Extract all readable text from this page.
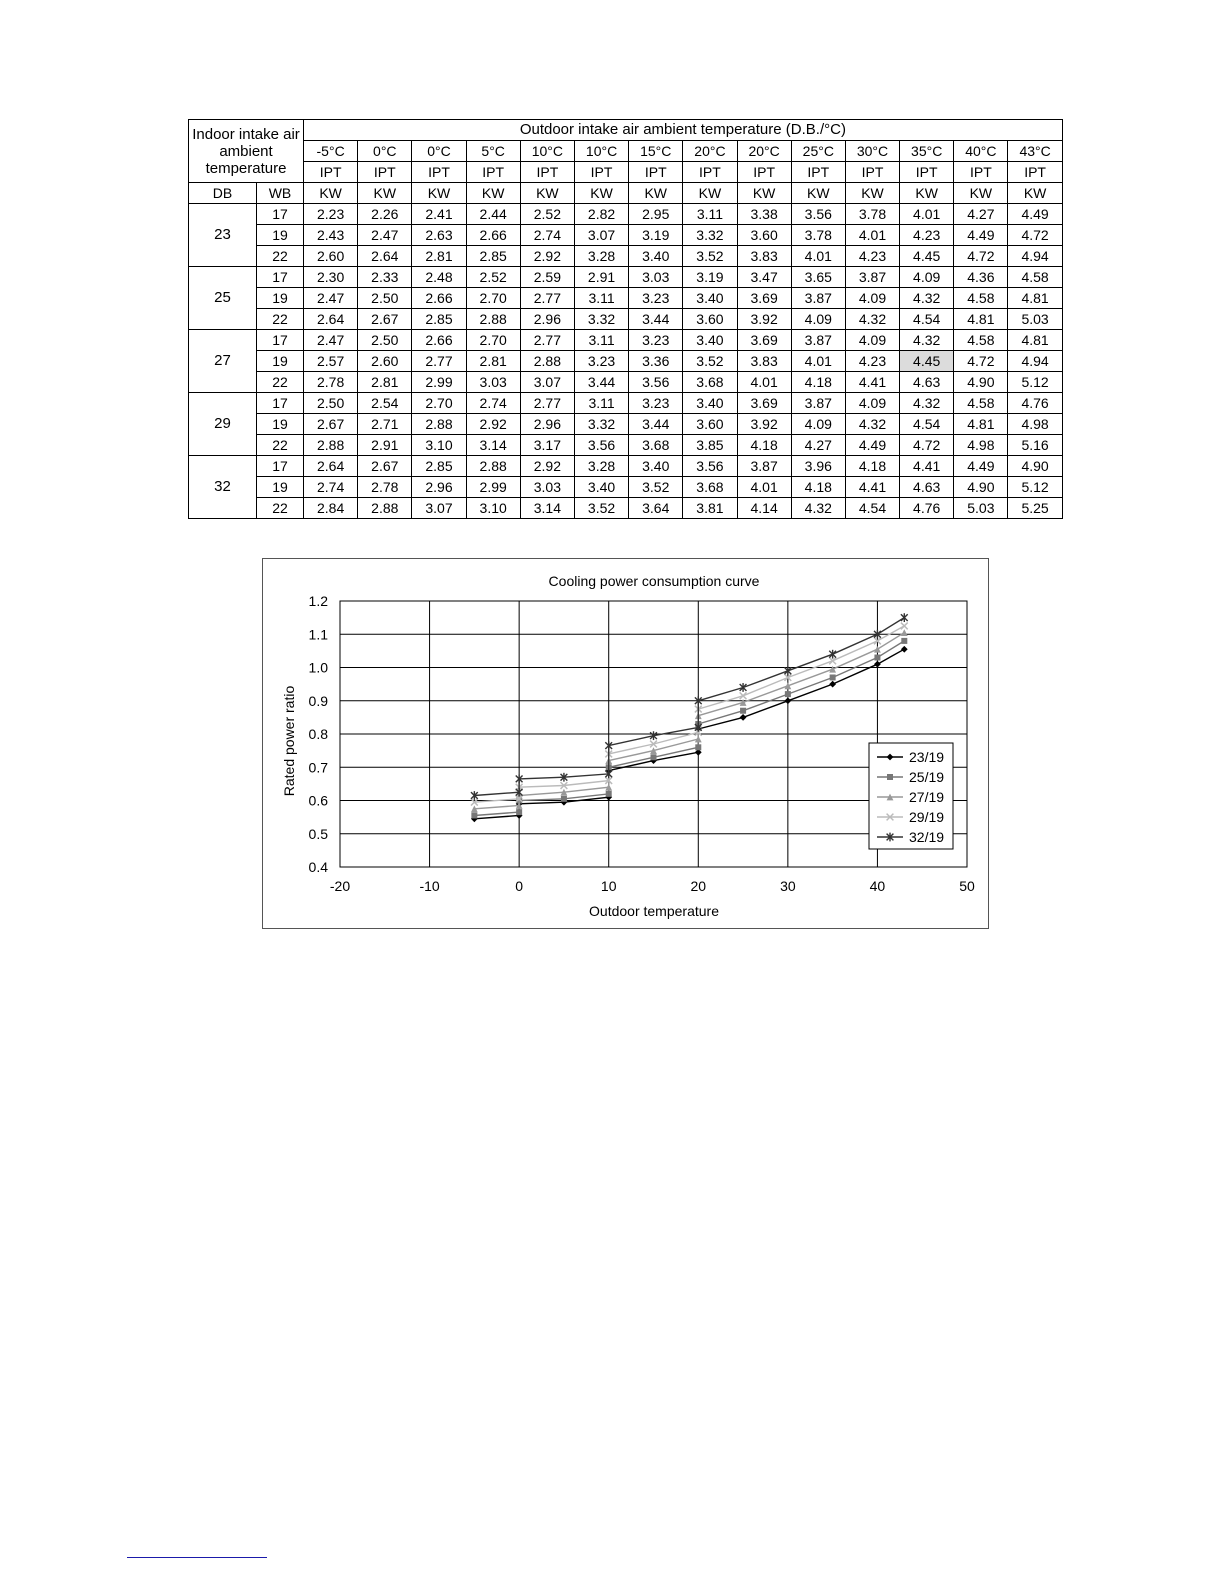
Indoor intake air ambient temperature		Outdoor intake air ambient temperature (D.B./°C)													
		-5°C	0°C	0°C	5°C	10°C	10°C	15°C	20°C	20°C	25°C	30°C	35°C	40°C	43°C
		IPT	IPT	IPT	IPT	IPT	IPT	IPT	IPT	IPT	IPT	IPT	IPT	IPT	IPT
DB	WB	KW	KW	KW	KW	KW	KW	KW	KW	KW	KW	KW	KW	KW	KW
23	17	2.23	2.26	2.41	2.44	2.52	2.82	2.95	3.11	3.38	3.56	3.78	4.01	4.27	4.49
	19	2.43	2.47	2.63	2.66	2.74	3.07	3.19	3.32	3.60	3.78	4.01	4.23	4.49	4.72
	22	2.60	2.64	2.81	2.85	2.92	3.28	3.40	3.52	3.83	4.01	4.23	4.45	4.72	4.94
25	17	2.30	2.33	2.48	2.52	2.59	2.91	3.03	3.19	3.47	3.65	3.87	4.09	4.36	4.58
	19	2.47	2.50	2.66	2.70	2.77	3.11	3.23	3.40	3.69	3.87	4.09	4.32	4.58	4.81
	22	2.64	2.67	2.85	2.88	2.96	3.32	3.44	3.60	3.92	4.09	4.32	4.54	4.81	5.03
27	17	2.47	2.50	2.66	2.70	2.77	3.11	3.23	3.40	3.69	3.87	4.09	4.32	4.58	4.81
	19	2.57	2.60	2.77	2.81	2.88	3.23	3.36	3.52	3.83	4.01	4.23	4.45	4.72	4.94
	22	2.78	2.81	2.99	3.03	3.07	3.44	3.56	3.68	4.01	4.18	4.41	4.63	4.90	5.12
29	17	2.50	2.54	2.70	2.74	2.77	3.11	3.23	3.40	3.69	3.87	4.09	4.32	4.58	4.76
	19	2.67	2.71	2.88	2.92	2.96	3.32	3.44	3.60	3.92	4.09	4.32	4.54	4.81	4.98
	22	2.88	2.91	3.10	3.14	3.17	3.56	3.68	3.85	4.18	4.27	4.49	4.72	4.98	5.16
32	17	2.64	2.67	2.85	2.88	2.92	3.28	3.40	3.56	3.87	3.96	4.18	4.41	4.49	4.90
	19	2.74	2.78	2.96	2.99	3.03	3.40	3.52	3.68	4.01	4.18	4.41	4.63	4.90	5.12
	22	2.84	2.88	3.07	3.10	3.14	3.52	3.64	3.81	4.14	4.32	4.54	4.76	5.03	5.25
-20	-10	0	10	20	30	40	50
0.4
0.5
0.6
0.7
0.8
0.9
1.0
1.1
1.2
Cooling power consumption curve
Outdoor temperature
Rated power ratio	23/19
25/19
27/19
29/19
32/19
